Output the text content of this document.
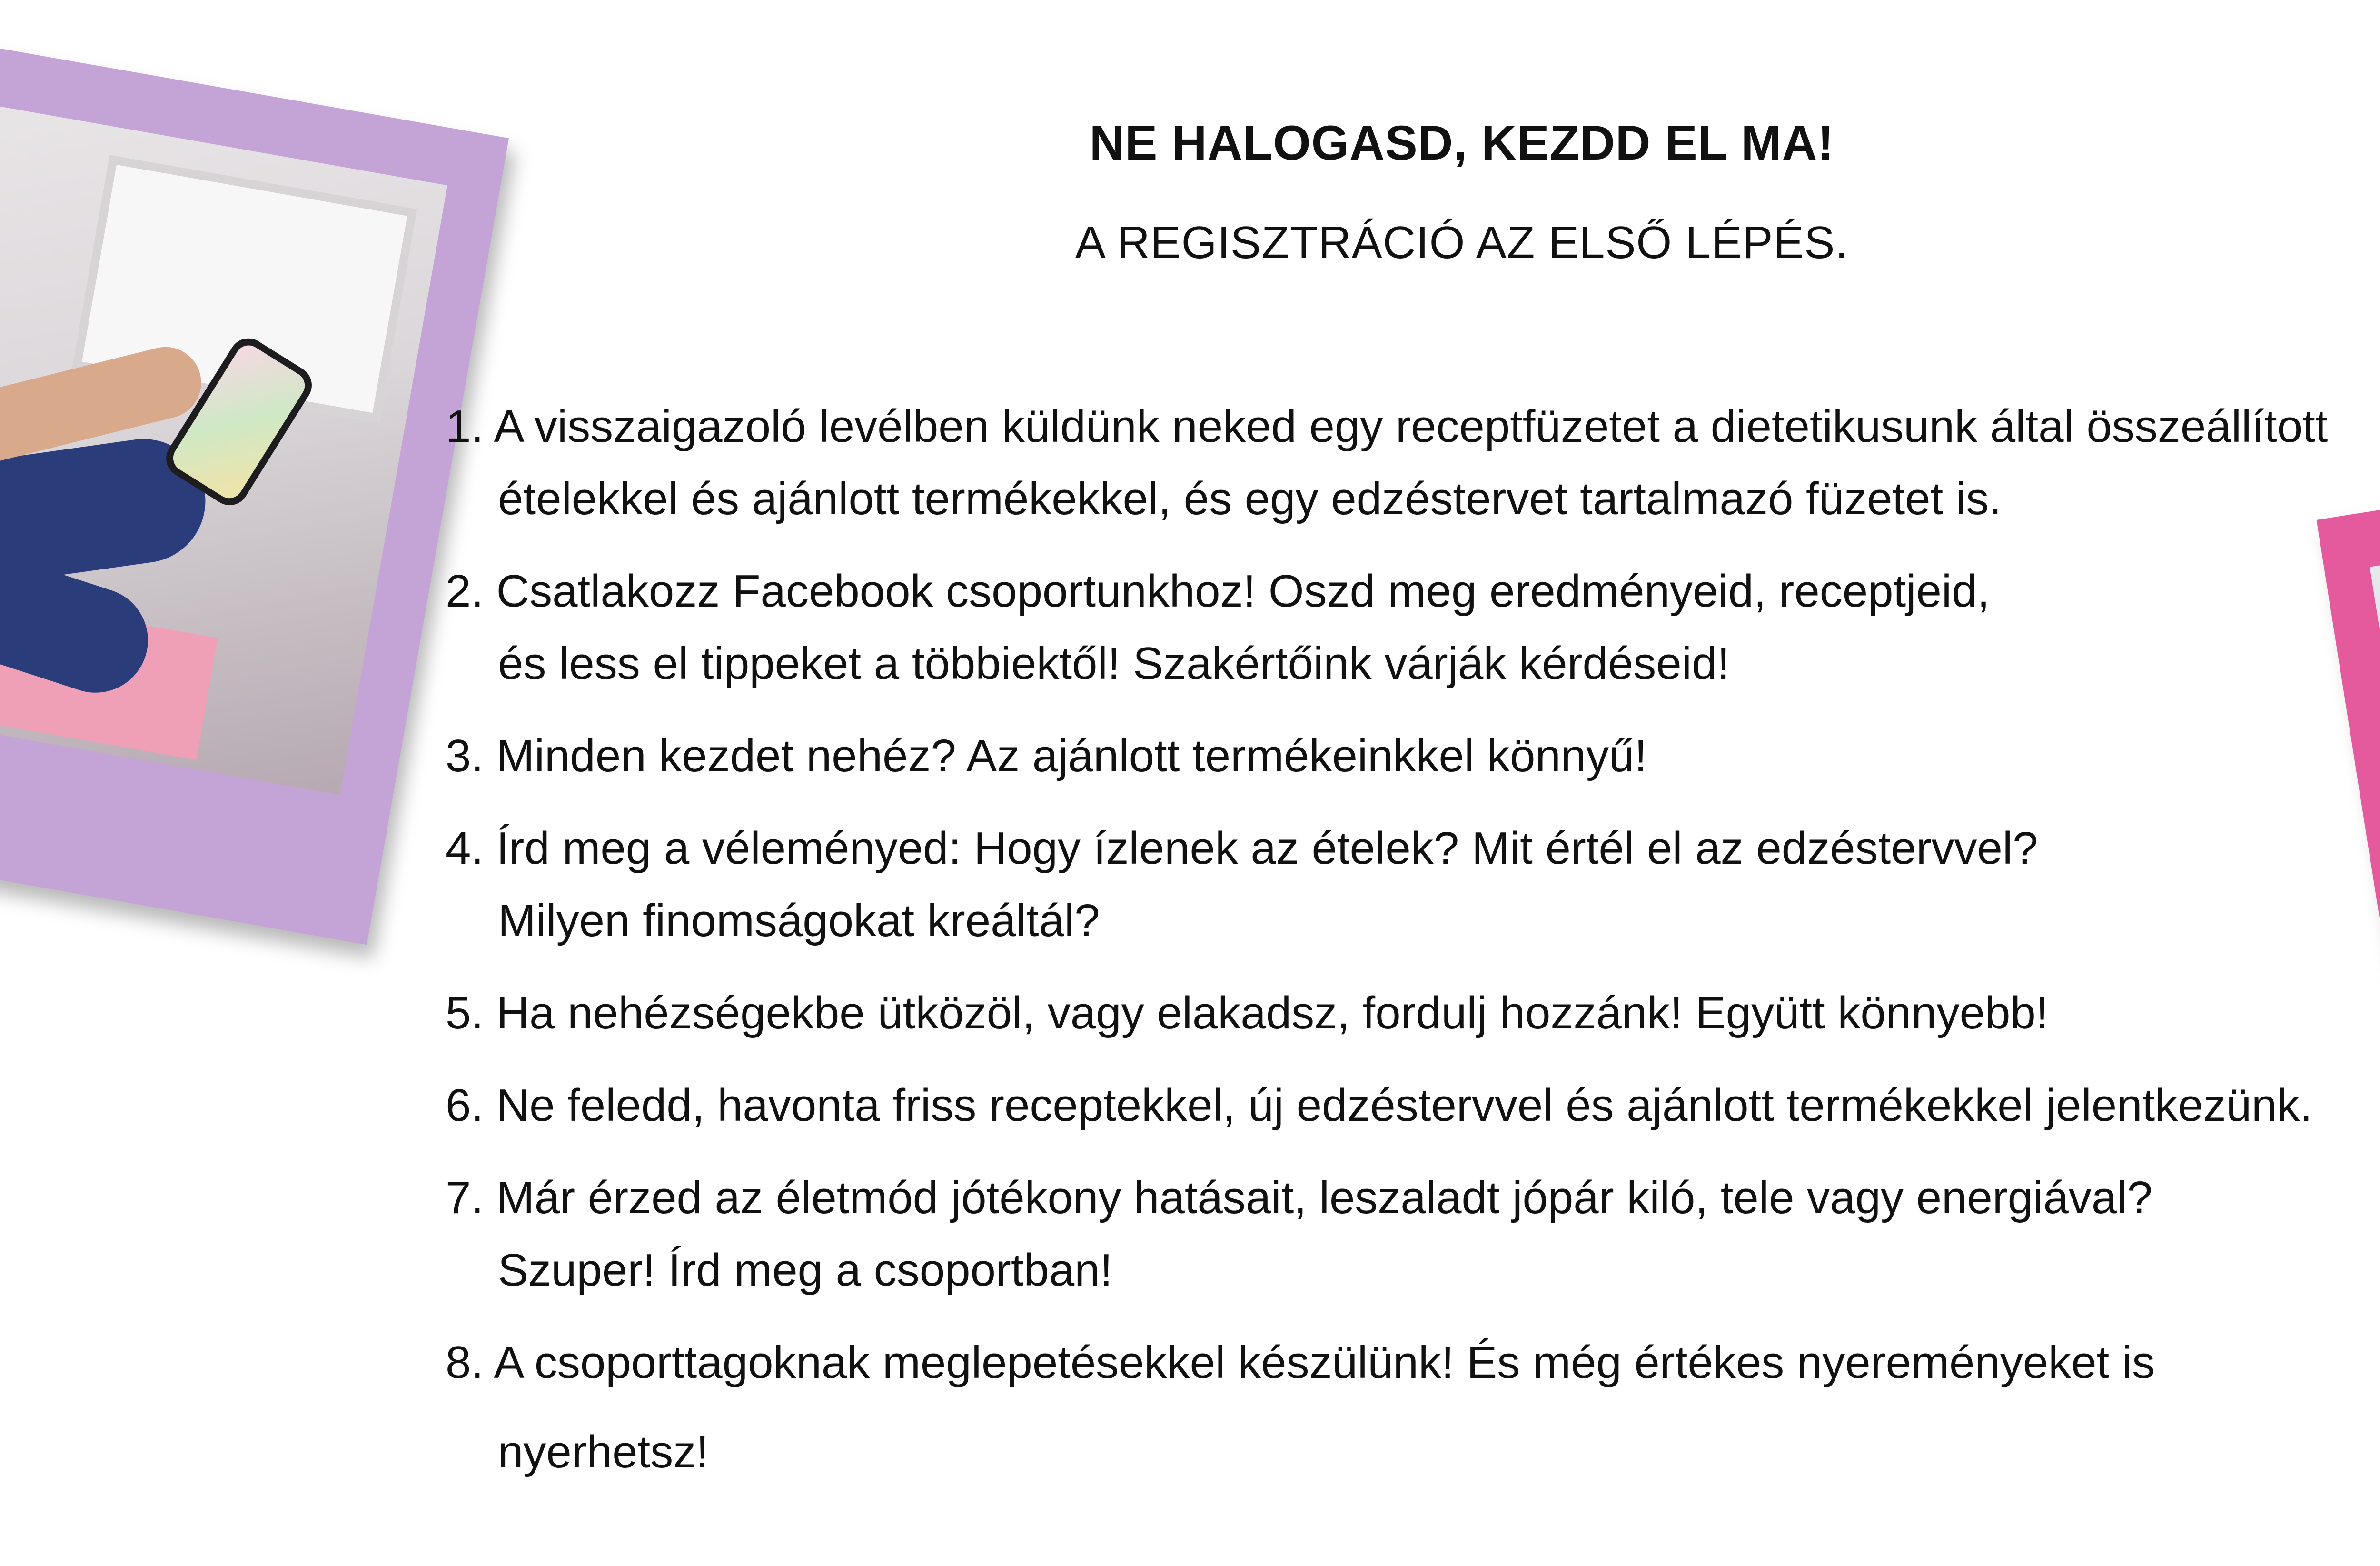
NE HALOGASD, KEZDD EL MA!
A REGISZTRÁCIÓ AZ ELSŐ LÉPÉS.
1. A visszaigazoló levélben küldünk neked egy receptfüzetet a dietetikusunk által összeállított
ételekkel és ajánlott termékekkel, és egy edzéstervet tartalmazó füzetet is.
2. Csatlakozz Facebook csoportunkhoz! Oszd meg eredményeid, receptjeid,
és less el tippeket a többiektől! Szakértőink várják kérdéseid!
3. Minden kezdet nehéz? Az ajánlott termékeinkkel könnyű!
4. Írd meg a véleményed: Hogy ízlenek az ételek? Mit értél el az edzéstervvel?
Milyen finomságokat kreáltál?
5. Ha nehézségekbe ütközöl, vagy elakadsz, fordulj hozzánk! Együtt könnyebb!
6. Ne feledd, havonta friss receptekkel, új edzéstervvel és ajánlott termékekkel jelentkezünk.
7. Már érzed az életmód jótékony hatásait, leszaladt jópár kiló, tele vagy energiával?
Szuper! Írd meg a csoportban!
8. A csoporttagoknak meglepetésekkel készülünk! És még értékes nyereményeket is
nyerhetsz!
